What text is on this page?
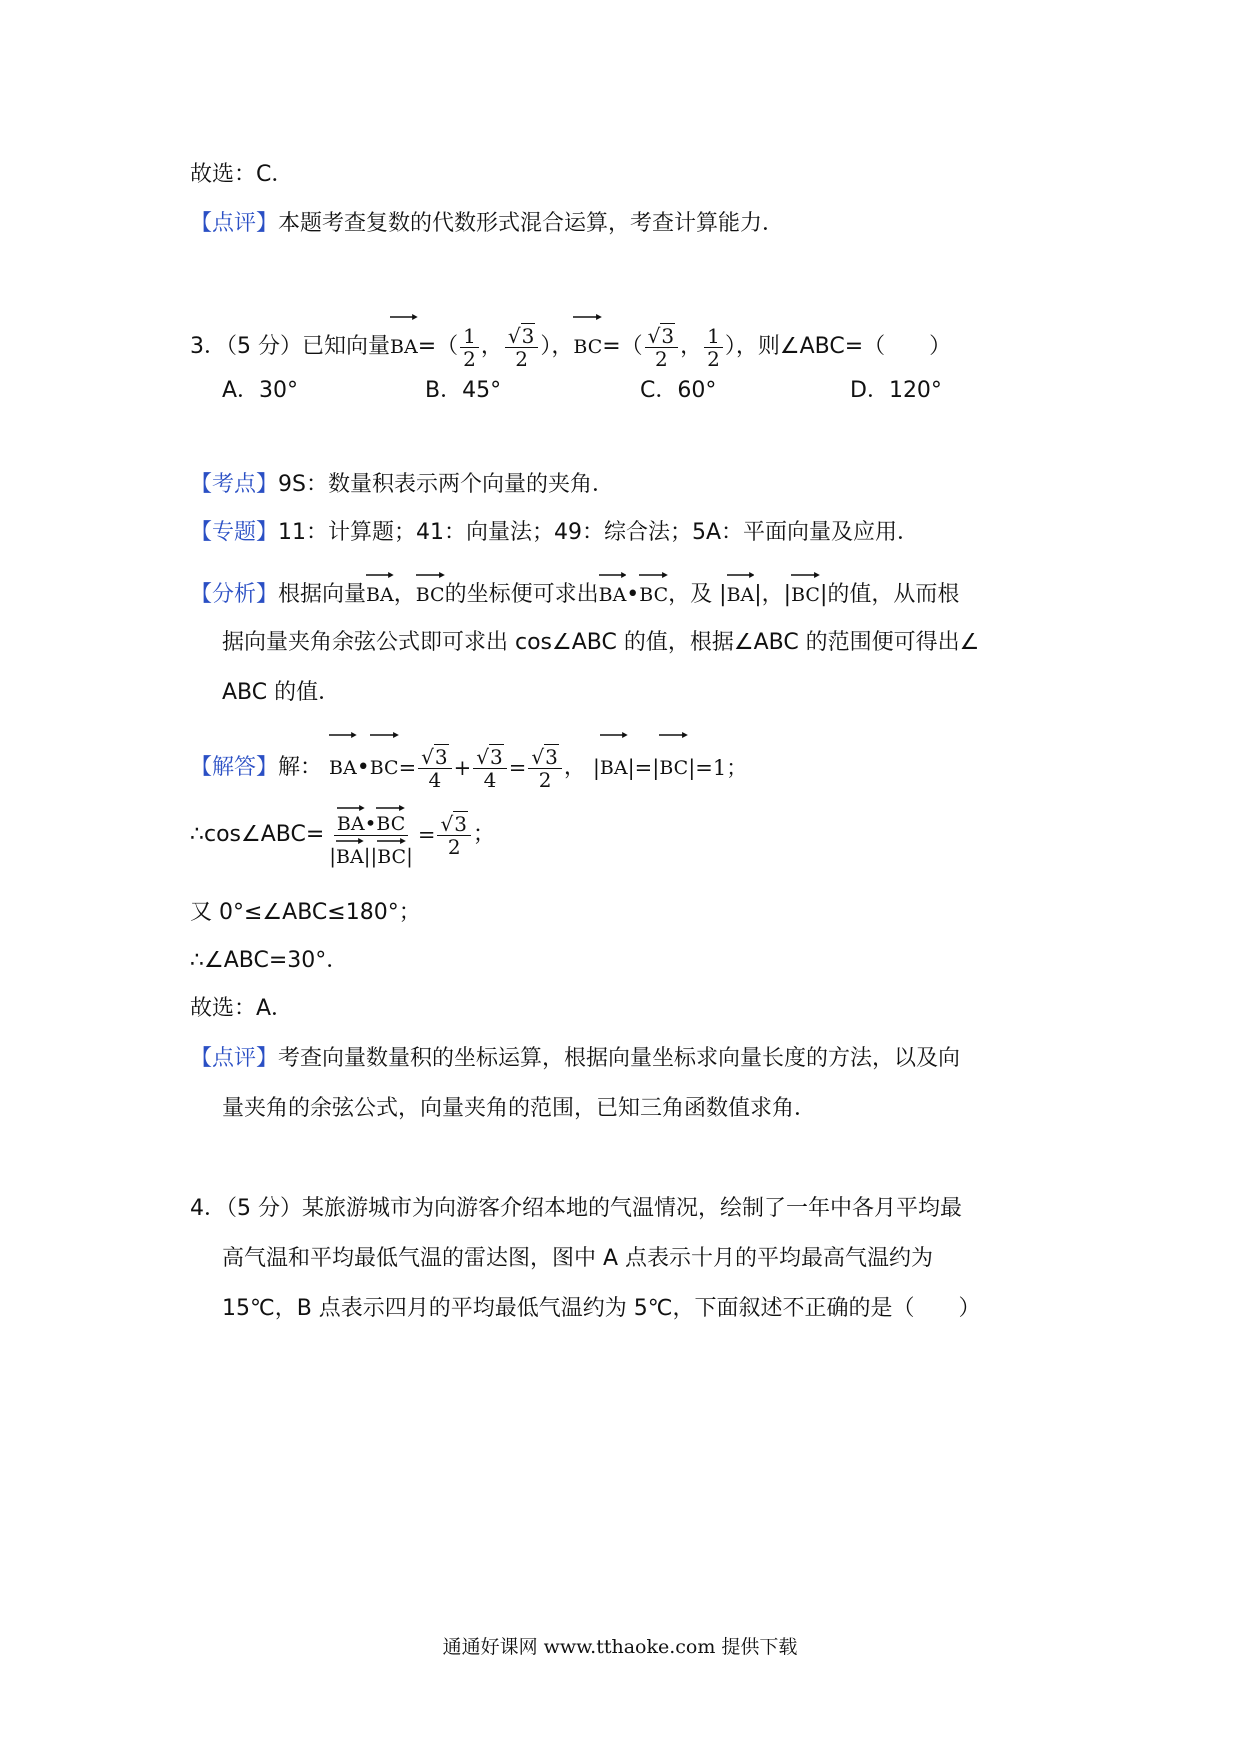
故选：C．
【点评】本题考查复数的代数形式混合运算，考查计算能力．
3．（5 分）已知向量
$BA=( \frac{1}{2}$ ， $\frac{√3}{2}$ ），
$BC=( \frac{√3}{2}$ ， $\frac{1}{2}$ ），则∠ABC=（　　）
A．30°	B．45°	C．60°	D．120°
【考点】9S：数量积表示两个向量的夹角．
【专题】11：计算题；41：向量法；49：综合法；5A：平面向量及应用．
【分析】根据向量
BA，
BC的坐标便可求出
BA•
BC，及 |
BA|，|
BC|的值，从而根
据向量夹角余弦公式即可求出 cos∠ABC 的值，根据∠ABC 的范围便可得出∠
ABC 的值．
【解答】解： BA•
$BC= \frac{√3}{4} + \frac{√3}{4} = \frac{√3}{2}$ ， |
BA|=|
BC|=1；
∴cos∠ABC= BA•
BC
|
BA||
$BC| = \frac{√3}{2}$ ；
又 0°≤∠ABC≤180°；
∴∠ABC=30°．
故选：A．
【点评】考查向量数量积的坐标运算，根据向量坐标求向量长度的方法，以及向
量夹角的余弦公式，向量夹角的范围，已知三角函数值求角．
4．（5 分）某旅游城市为向游客介绍本地的气温情况，绘制了一年中各月平均最
高气温和平均最低气温的雷达图，图中 A 点表示十月的平均最高气温约为
15℃，B 点表示四月的平均最低气温约为 5℃，下面叙述不正确的是（　　）
通通好课网 www.tthaoke.com 提供下载
